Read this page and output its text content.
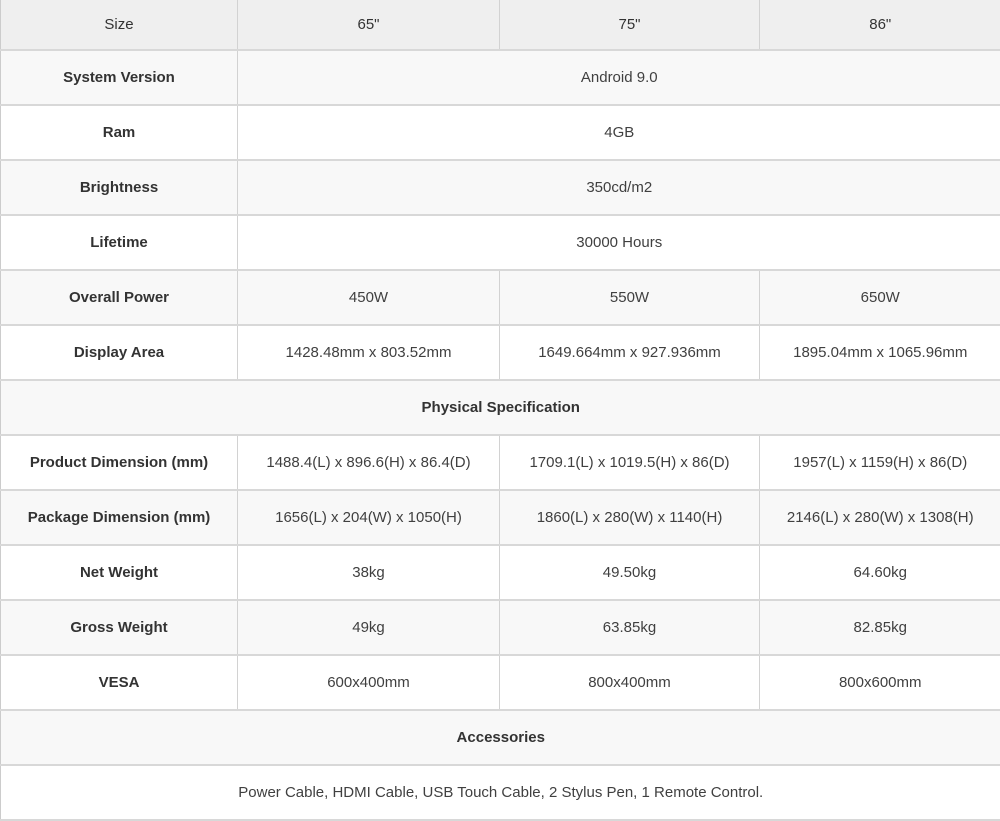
Size	65"	75"	86"
System Version	Android 9.0		
Ram	4GB		
Brightness	350cd/m2		
Lifetime	30000 Hours		
Overall Power	450W	550W	650W
Display Area	1428.48mm x 803.52mm	1649.664mm x 927.936mm	1895.04mm x 1065.96mm
Physical Specification			
Product Dimension (mm)	1488.4(L) x 896.6(H) x 86.4(D)	1709.1(L) x 1019.5(H) x 86(D)	1957(L) x 1159(H) x 86(D)
Package Dimension (mm)	1656(L) x 204(W) x 1050(H)	1860(L) x 280(W) x 1140(H)	2146(L) x 280(W) x 1308(H)
Net Weight	38kg	49.50kg	64.60kg
Gross Weight	49kg	63.85kg	82.85kg
VESA	600x400mm	800x400mm	800x600mm
Accessories			
Power Cable, HDMI Cable, USB Touch Cable, 2 Stylus Pen, 1 Remote Control.			
